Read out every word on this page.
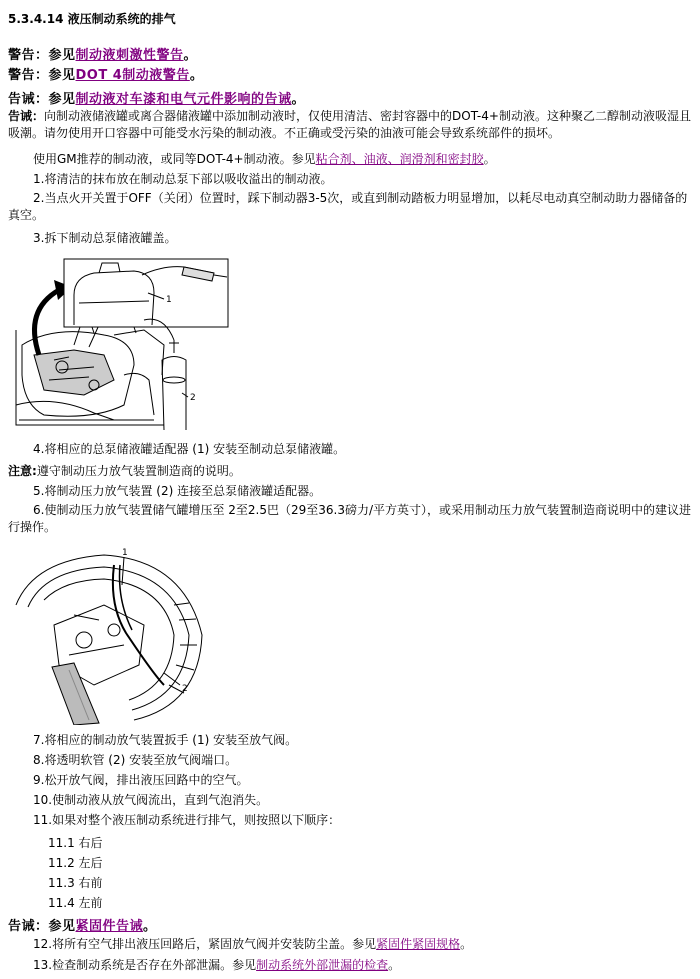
5.3.4.14 液压制动系统的排气
警告：参见制动液刺激性警告。
警告：参见DOT 4制动液警告。
告诫：参见制动液对车漆和电气元件影响的告诫。
告诫：向制动液储液罐或离合器储液罐中添加制动液时，仅使用清洁、密封容器中的DOT-4+制动液。这种聚乙二醇制动液吸湿且吸潮。请勿使用开口容器中可能受水污染的制动液。不正确或受污染的油液可能会导致系统部件的损坏。
使用GM推荐的制动液，或同等DOT-4+制动液。参见粘合剂、油液、润滑剂和密封胶。
1.将清洁的抹布放在制动总泵下部以吸收溢出的制动液。
2.当点火开关置于OFF（关闭）位置时，踩下制动器3-5次，或直到制动踏板力明显增加，以耗尽电动真空制动助力器储备的真空。
3.拆下制动总泵储液罐盖。
1
2
4.将相应的总泵储液罐适配器 (1) 安装至制动总泵储液罐。
注意:遵守制动压力放气装置制造商的说明。
5.将制动压力放气装置 (2) 连接至总泵储液罐适配器。
6.使制动压力放气装置储气罐增压至 2至2.5巴（29至36.3磅力/平方英寸），或采用制动压力放气装置制造商说明中的建议进行操作。
1
2
7.将相应的制动放气装置扳手 (1) 安装至放气阀。
8.将透明软管 (2) 安装至放气阀端口。
9.松开放气阀，排出液压回路中的空气。
10.使制动液从放气阀流出，直到气泡消失。
11.如果对整个液压制动系统进行排气，则按照以下顺序：
11.1 右后
11.2 左后
11.3 右前
11.4 左前
告诫：参见紧固件告诫。
12.将所有空气排出液压回路后，紧固放气阀并安装防尘盖。参见紧固件紧固规格。
13.检查制动系统是否存在外部泄漏。参见制动系统外部泄漏的检查。
